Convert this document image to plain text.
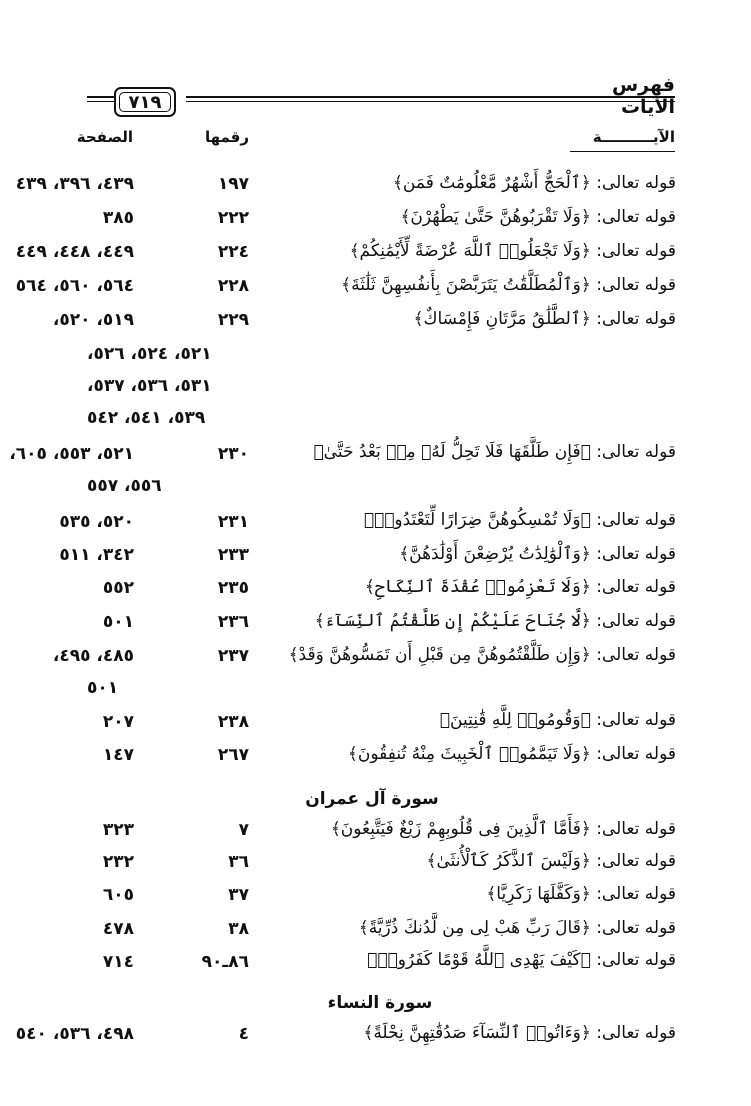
فهرس الآيات
٧١٩
الآيــــــــــة
رقمها
الصفحة
قوله تعالى: ﴿ٱلْحَجُّ أَشْهُرٌ مَّعْلُومَٰتٌ فَمَن﴾
١٩٧
٤٣٩، ٣٩٦، ٤٣٩
قوله تعالى: ﴿وَلَا تَقْرَبُوهُنَّ حَتَّىٰ يَطْهُرْنَ﴾
٢٢٢
٣٨٥
قوله تعالى: ﴿وَلَا تَجْعَلُوا۟ ٱللَّهَ عُرْضَةً لِّأَيْمَٰنِكُمْ﴾
٢٢٤
٤٤٩، ٤٤٨، ٤٤٩
قوله تعالى: ﴿وَٱلْمُطَلَّقَٰتُ يَتَرَبَّصْنَ بِأَنفُسِهِنَّ ثَلَٰثَةَ﴾
٢٢٨
٥٦٤، ٥٦٠، ٥٦٤
قوله تعالى: ﴿ٱلطَّلَٰقُ مَرَّتَانِ فَإِمْسَاكٌ﴾
٢٢٩
٥١٩، ٥٢٠،
٥٢١، ٥٢٤، ٥٢٦،
٥٣١، ٥٣٦، ٥٣٧،
٥٣٩، ٥٤١، ٥٤٢
قوله تعالى: ﴿فَإِن طَلَّقَهَا فَلَا تَحِلُّ لَهُۥ مِنۢ بَعْدُ حَتَّىٰ﴾
٢٣٠
٥٢١، ٥٥٣، ٦٠٥،
٥٥٦، ٥٥٧
قوله تعالى: ﴿وَلَا تُمْسِكُوهُنَّ ضِرَارًا لِّتَعْتَدُوا۟﴾
٢٣١
٥٢٠، ٥٣٥
قوله تعالى: ﴿وَٱلْوَٰلِدَٰتُ يُرْضِعْنَ أَوْلَٰدَهُنَّ﴾
٢٣٣
٣٤٢، ٥١١
قوله تعالى: ﴿وَلَا تَعْزِمُوا۟ عُقْدَةَ ٱلنِّكَاحِ﴾
٢٣٥
٥٥٢
قوله تعالى: ﴿لَّا جُنَاحَ عَلَيْكُمْ إِن طَلَّقْتُمُ ٱلنِّسَآءَ﴾
٢٣٦
٥٠١
قوله تعالى: ﴿وَإِن طَلَّقْتُمُوهُنَّ مِن قَبْلِ أَن تَمَسُّوهُنَّ وَقَدْ﴾
٢٣٧
٤٨٥، ٤٩٥،
٥٠١
قوله تعالى: ﴿وَقُومُوا۟ لِلَّهِ قَٰنِتِينَ﴾
٢٣٨
٢٠٧
قوله تعالى: ﴿وَلَا تَيَمَّمُوا۟ ٱلْخَبِيثَ مِنْهُ تُنفِقُونَ﴾
٢٦٧
١٤٧
سورة آل عمران
قوله تعالى: ﴿فَأَمَّا ٱلَّذِينَ فِى قُلُوبِهِمْ زَيْغٌ فَيَتَّبِعُونَ﴾
٧
٣٢٣
قوله تعالى: ﴿وَلَيْسَ ٱلذَّكَرُ كَٱلْأُنثَىٰ﴾
٣٦
٢٣٢
قوله تعالى: ﴿وَكَفَّلَهَا زَكَرِيَّا﴾
٣٧
٦٠٥
قوله تعالى: ﴿قَالَ رَبِّ هَبْ لِى مِن لَّدُنكَ ذُرِّيَّةً﴾
٣٨
٤٧٨
قوله تعالى: ﴿كَيْفَ يَهْدِى ٱللَّهُ قَوْمًا كَفَرُوا۟﴾
٨٦ـ٩٠
٧١٤
سورة النساء
قوله تعالى: ﴿وَءَاتُوا۟ ٱلنِّسَآءَ صَدُقَٰتِهِنَّ نِحْلَةً﴾
٤
٤٩٨، ٥٣٦، ٥٤٠
